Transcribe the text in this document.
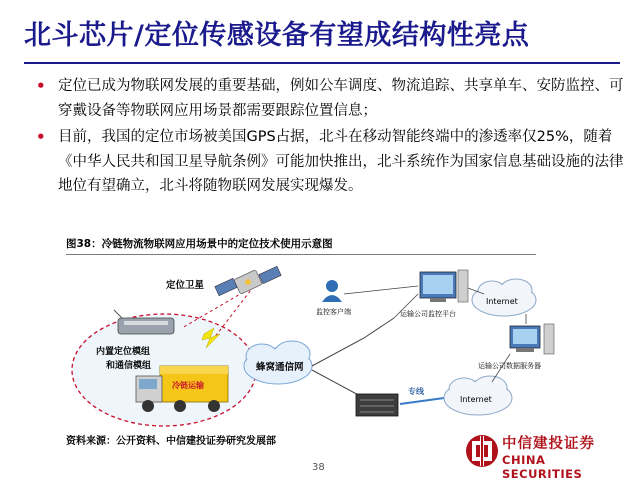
北斗芯片/定位传感设备有望成结构性亮点
• 定位已成为物联网发展的重要基础，例如公车调度、物流追踪、共享单车、安防监控、可穿戴设备等物联网应用场景都需要跟踪位置信息；
• 目前，我国的定位市场被美国GPS占据，北斗在移动智能终端中的渗透率仅25%，随着《中华人民共和国卫星导航条例》可能加快推出，北斗系统作为国家信息基础设施的法律地位有望确立，北斗将随物联网发展实现爆发。
图38：冷链物流物联网应用场景中的定位技术使用示意图
定位卫星
内置定位模组
和通信模组
冷链运输
蜂窝通信网
专线
Internet
运输公司数据服务器
Internet
运输公司监控平台
监控客户端
资料来源：公开资料、中信建投证券研究发展部	中信建投证券
CHINA SECURITIES
38
